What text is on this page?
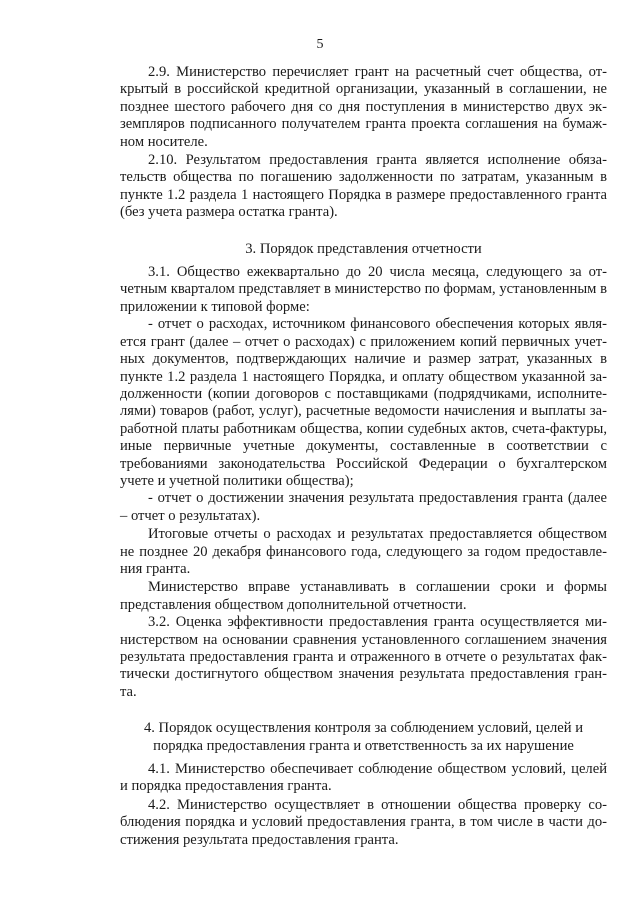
5

2.9. Министерство перечисляет грант на расчетный счет общества, открытый в российской кредитной организации, указанный в соглашении, не позднее шестого рабочего дня со дня поступления в министерство двух экземпляров подписанного получателем гранта проекта соглашения на бумажном носителе.

2.10. Результатом предоставления гранта является исполнение обязательств общества по погашению задолженности по затратам, указанным в пункте 1.2 раздела 1 настоящего Порядка в размере предоставленного гранта (без учета размера остатка гранта).

3. Порядок представления отчетности

3.1. Общество ежеквартально до 20 числа месяца, следующего за отчетным кварталом представляет в министерство по формам, установленным в приложении к типовой форме:

- отчет о расходах, источником финансового обеспечения которых является грант (далее – отчет о расходах) с приложением копий первичных учетных документов, подтверждающих наличие и размер затрат, указанных в пункте 1.2 раздела 1 настоящего Порядка, и оплату обществом указанной задолженности (копии договоров с поставщиками (подрядчиками, исполнителями) товаров (работ, услуг), расчетные ведомости начисления и выплаты заработной платы работникам общества, копии судебных актов, счета-фактуры, иные первичные учетные документы, составленные в соответствии с требованиями законодательства Российской Федерации о бухгалтерском учете и учетной политики общества);

- отчет о достижении значения результата предоставления гранта (далее – отчет о результатах).

Итоговые отчеты о расходах и результатах предоставляется обществом не позднее 20 декабря финансового года, следующего за годом предоставления гранта.

Министерство вправе устанавливать в соглашении сроки и формы представления обществом дополнительной отчетности.

3.2. Оценка эффективности предоставления гранта осуществляется министерством на основании сравнения установленного соглашением значения результата предоставления гранта и отраженного в отчете о результатах фактически достигнутого обществом значения результата предоставления гранта.

4. Порядок осуществления контроля за соблюдением условий, целей и порядка предоставления гранта и ответственность за их нарушение

4.1. Министерство обеспечивает соблюдение обществом условий, целей и порядка предоставления гранта.

4.2. Министерство осуществляет в отношении общества проверку соблюдения порядка и условий предоставления гранта, в том числе в части достижения результата предоставления гранта.
